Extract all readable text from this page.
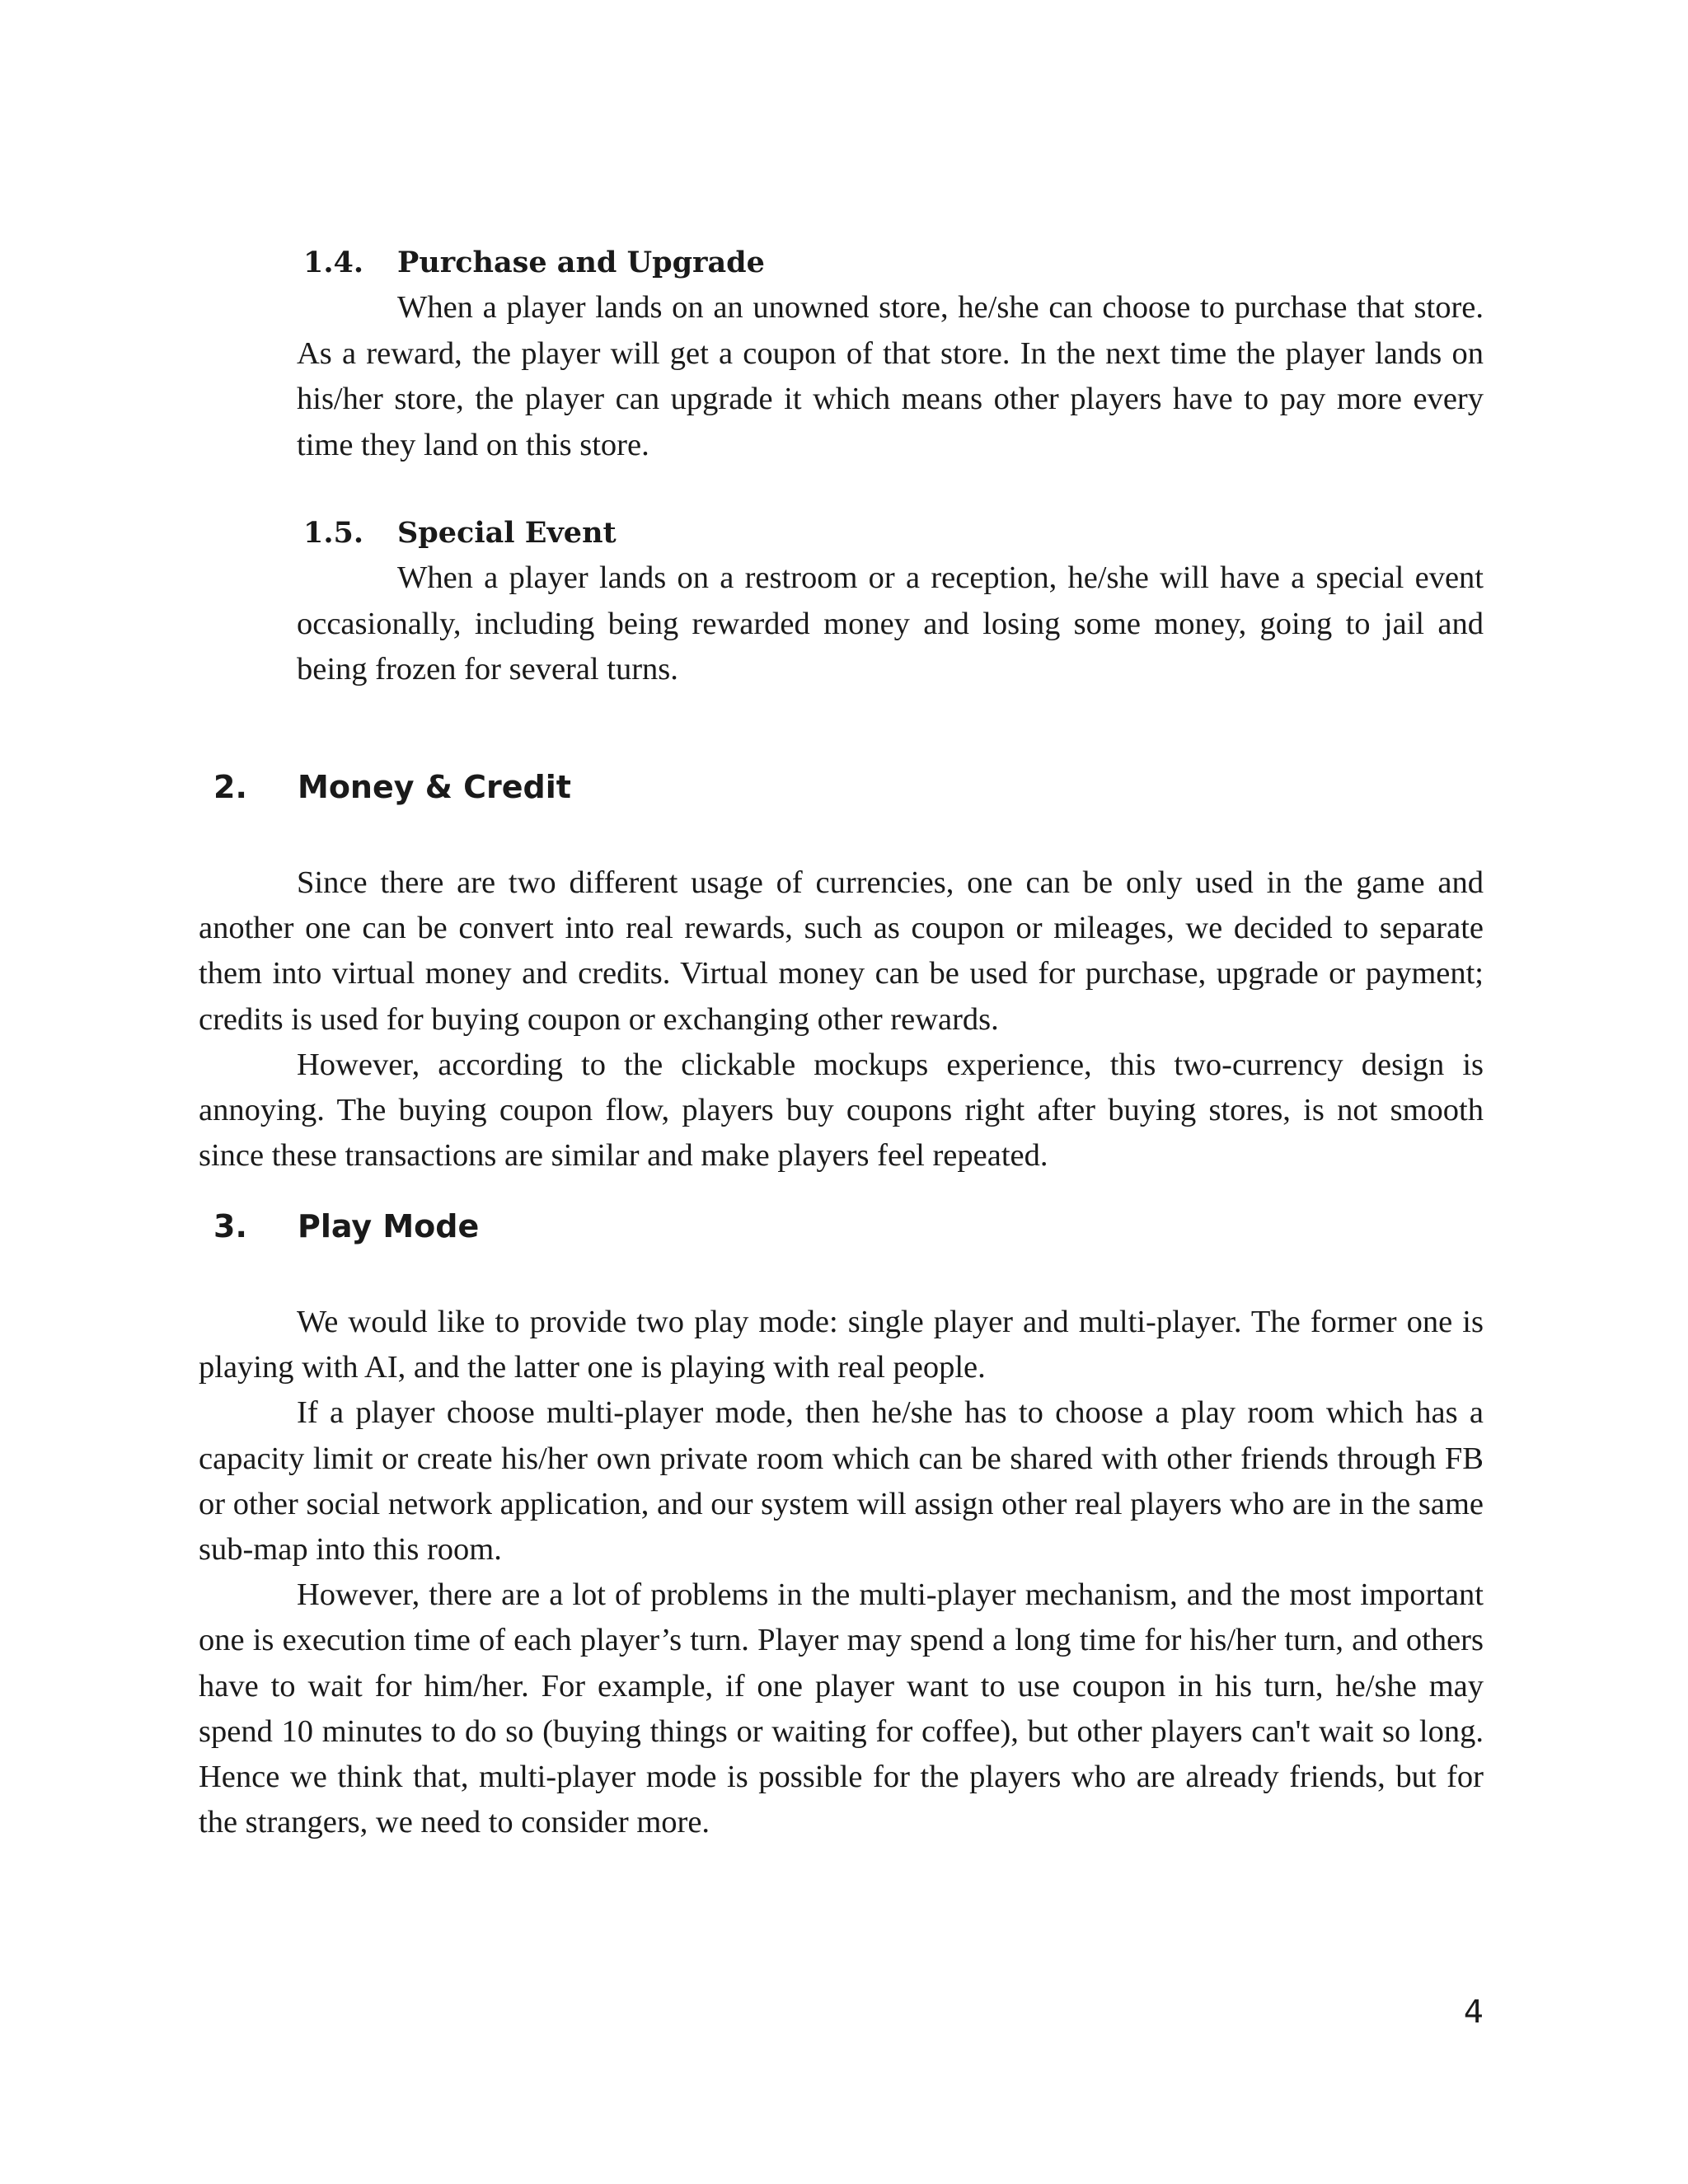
1.4.	Purchase and Upgrade

When a player lands on an unowned store, he/she can choose to purchase that store. As a reward, the player will get a coupon of that store. In the next time the player lands on his/her store, the player can upgrade it which means other players have to pay more every time they land on this store.

1.5.	Special Event

When a player lands on a restroom or a reception, he/she will have a special event occasionally, including being rewarded money and losing some money, going to jail and being frozen for several turns.

2.	Money & Credit

Since there are two different usage of currencies, one can be only used in the game and another one can be convert into real rewards, such as coupon or mileages, we decided to separate them into virtual money and credits. Virtual money can be used for purchase, upgrade or payment; credits is used for buying coupon or exchanging other rewards.

However, according to the clickable mockups experience, this two-currency design is annoying. The buying coupon flow, players buy coupons right after buying stores, is not smooth since these transactions are similar and make players feel repeated.

3.	Play Mode

We would like to provide two play mode: single player and multi-player. The former one is playing with AI, and the latter one is playing with real people.

If a player choose multi-player mode, then he/she has to choose a play room which has a capacity limit or create his/her own private room which can be shared with other friends through FB or other social network application, and our system will assign other real players who are in the same sub-map into this room.

However, there are a lot of problems in the multi-player mechanism, and the most important one is execution time of each player’s turn. Player may spend a long time for his/her turn, and others have to wait for him/her. For example, if one player want to use coupon in his turn, he/she may spend 10 minutes to do so (buying things or waiting for coffee), but other players can't wait so long. Hence we think that, multi-player mode is possible for the players who are already friends, but for the strangers, we need to consider more.

4
